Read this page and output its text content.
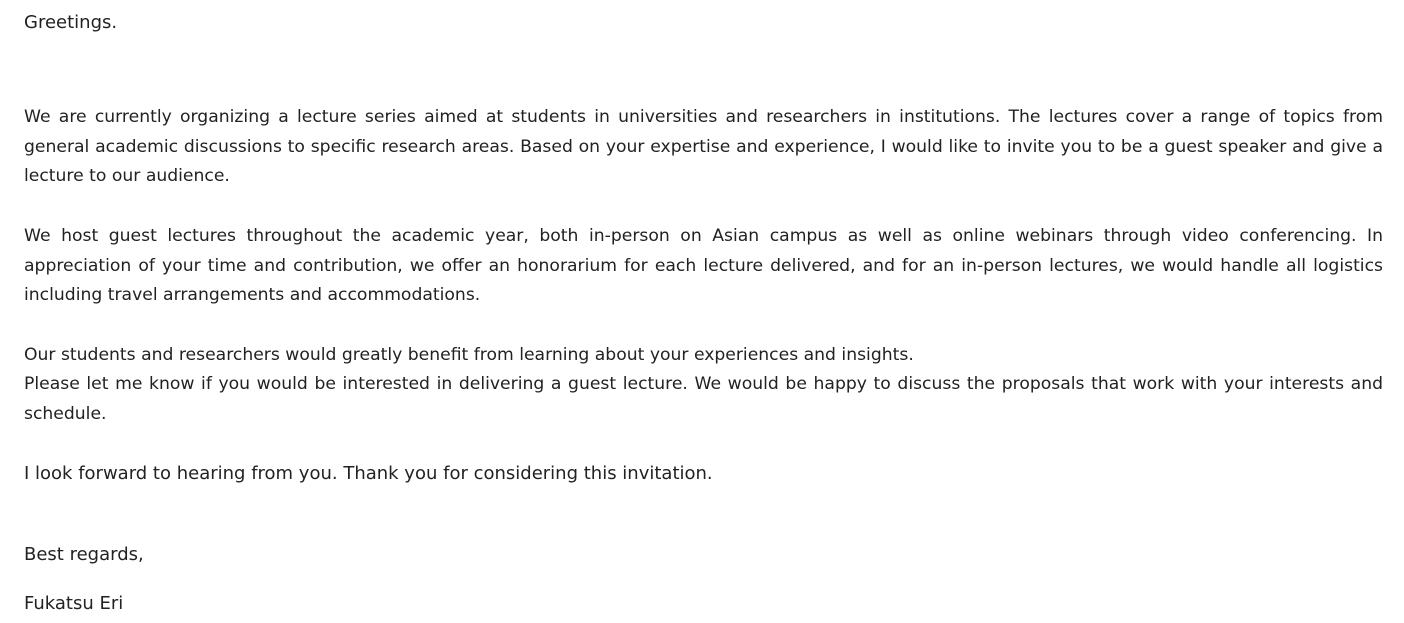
Greetings.
We are currently organizing a lecture series aimed at students in universities and researchers in institutions. The lectures cover a range of topics from general academic discussions to specific research areas. Based on your expertise and experience, I would like to invite you to be a guest speaker and give a lecture to our audience.
We host guest lectures throughout the academic year, both in-person on Asian campus as well as online webinars through video conferencing. In appreciation of your time and contribution, we offer an honorarium for each lecture delivered, and for an in-person lectures, we would handle all logistics including travel arrangements and accommodations.
Our students and researchers would greatly benefit from learning about your experiences and insights.
Please let me know if you would be interested in delivering a guest lecture. We would be happy to discuss the proposals that work with your interests and schedule.
I look forward to hearing from you. Thank you for considering this invitation.
Best regards,
Fukatsu Eri
